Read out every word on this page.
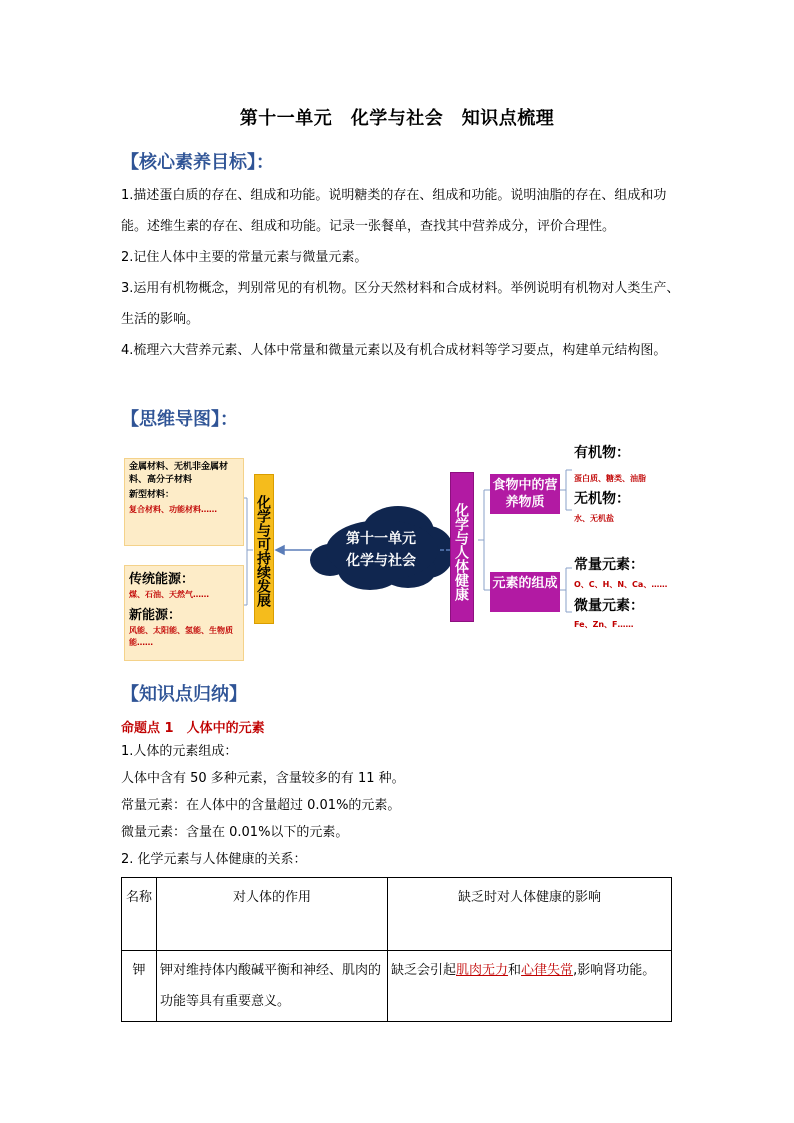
第十一单元　化学与社会　知识点梳理
【核心素养目标】：
1.描述蛋白质的存在、组成和功能。说明糖类的存在、组成和功能。说明油脂的存在、组成和功能。述维生素的存在、组成和功能。记录一张餐单，查找其中营养成分，评价合理性。
2.记住人体中主要的常量元素与微量元素。
3.运用有机物概念，判别常见的有机物。区分天然材料和合成材料。举例说明有机物对人类生产、生活的影响。
4.梳理六大营养元素、人体中常量和微量元素以及有机合成材料等学习要点，构建单元结构图。
【思维导图】：
第十一单元
化学与社会
金属材料、无机非金属材料、高分子材料
新型材料：
复合材料、功能材料……
传统能源：
煤、石油、天然气……
新能源：
风能、太阳能、氢能、生物质能……
化学与可持续发展	化学与人体健康
食物中的营养物质
元素的组成
有机物：
蛋白质、糖类、油脂
无机物：
水、无机盐
常量元素：
O、C、H、N、Ca、……
微量元素：
Fe、Zn、F……
【知识点归纳】
命题点 1　人体中的元素
1.人体的元素组成：
人体中含有 50 多种元素，含量较多的有 11 种。
常量元素：在人体中的含量超过 0.01%的元素。
微量元素：含量在 0.01%以下的元素。
2. 化学元素与人体健康的关系：
名称	对人体的作用	缺乏时对人体健康的影响
钾	钾对维持体内酸碱平衡和神经、肌肉的功能等具有重要意义。	缺乏会引起肌肉无力和心律失常,影响肾功能。
